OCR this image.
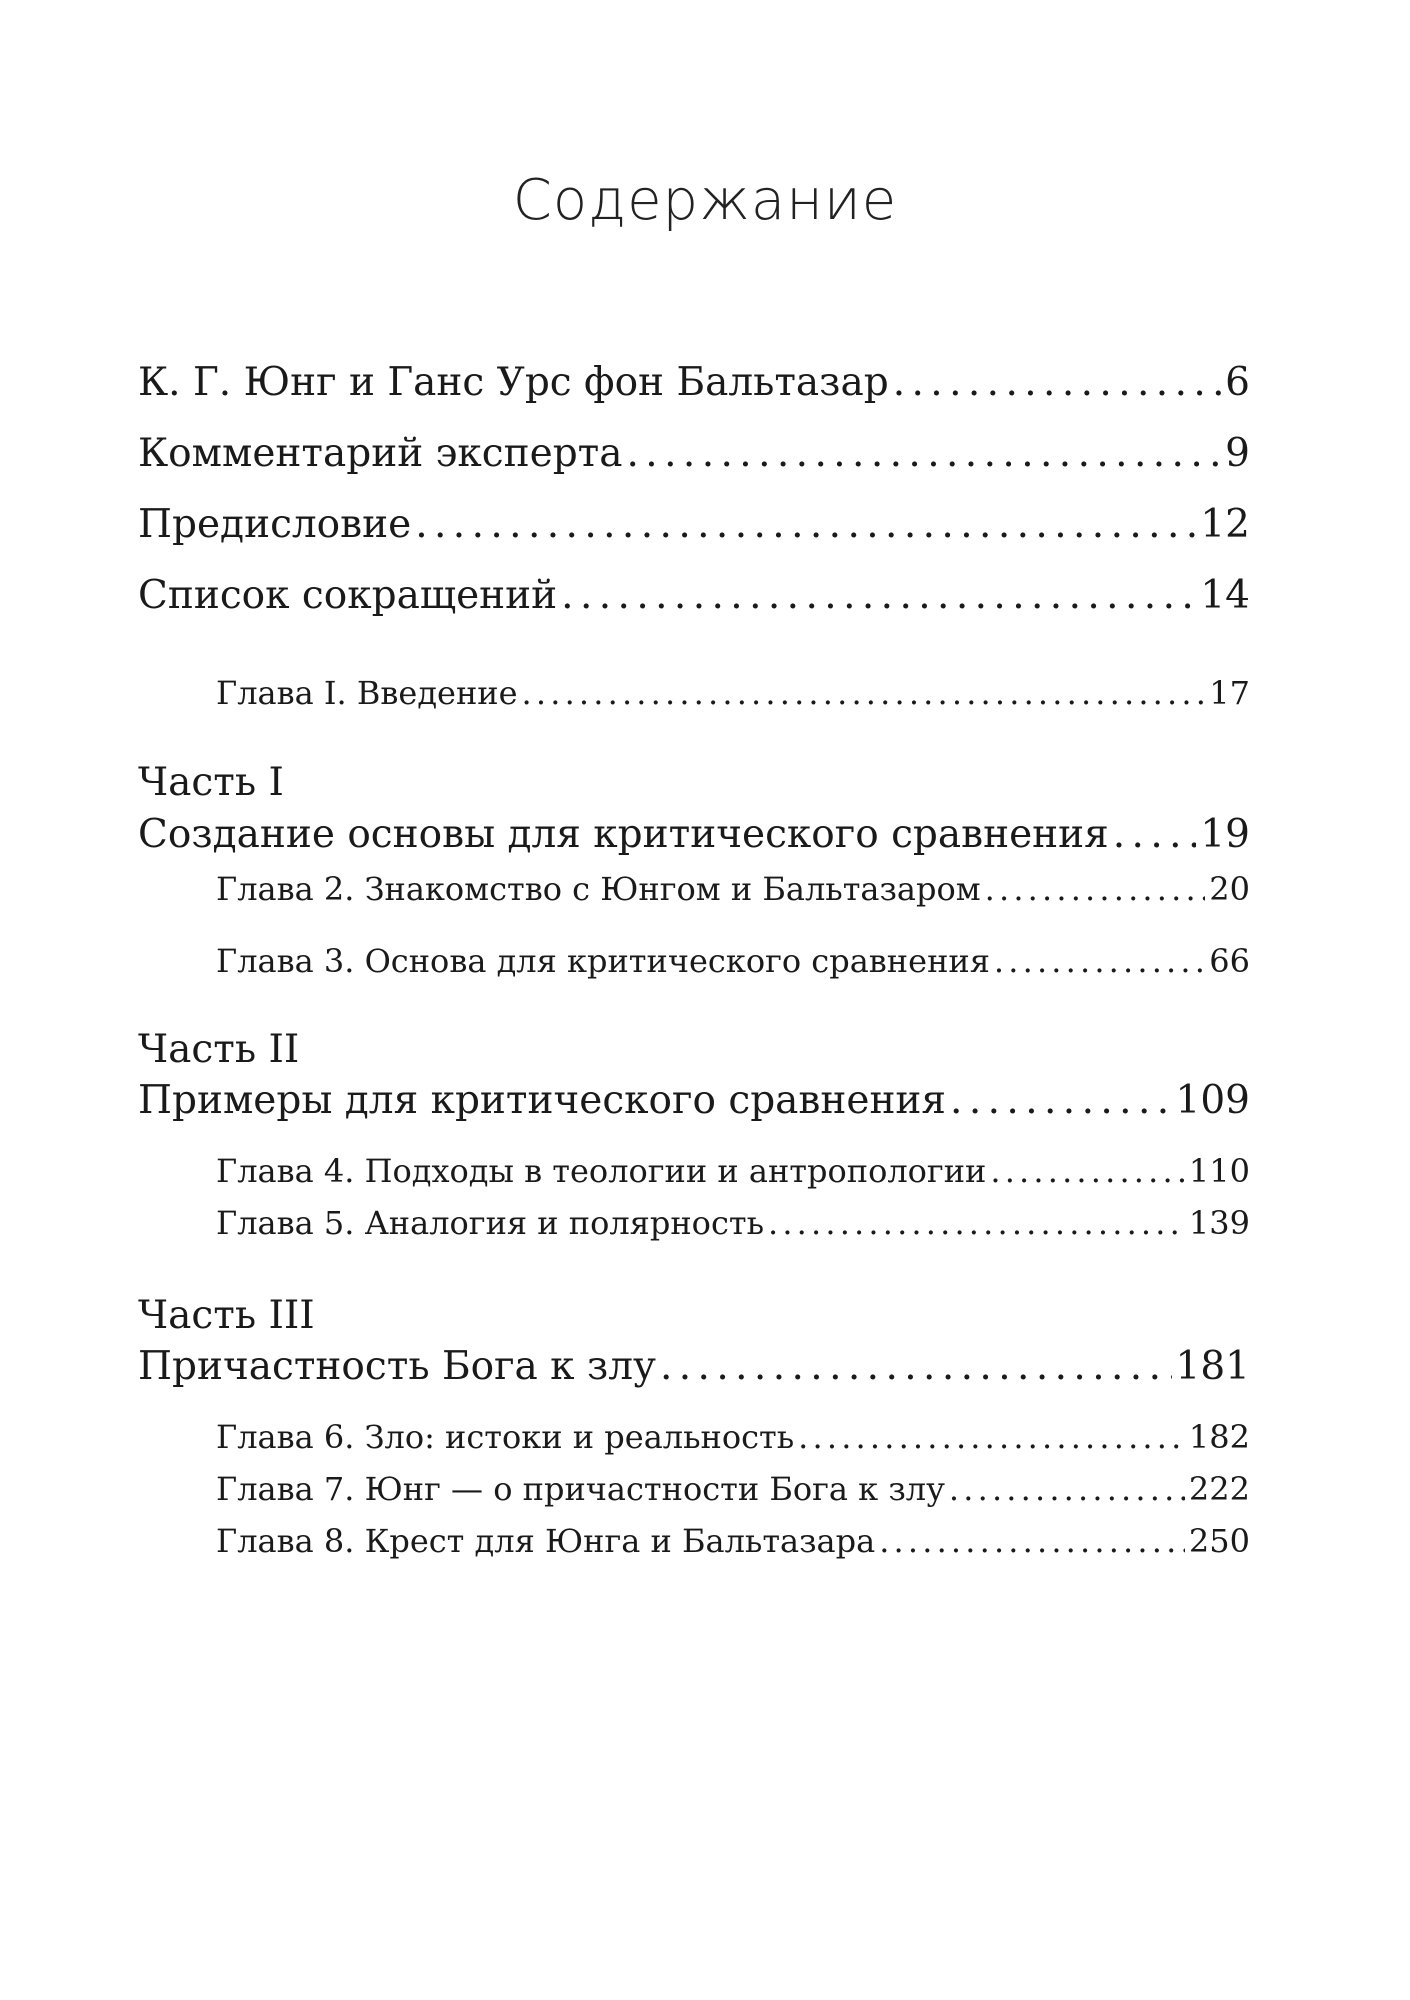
Содержание
К. Г. Юнг и Ганс Урс фон Бальтазар . . .	6
Комментарий эксперта . . .	9
Предисловие . . .	12
Список сокращений . . .	14
Глава I. Введение . . .	17
Часть I
Создание основы для критического сравнения . . . 19
Глава 2. Знакомство с Юнгом и Бальтазаром . . .	20
Глава 3. Основа для критического сравнения . . .	66
Часть II
Примеры для критического сравнения . . .	109
Глава 4. Подходы в теологии и антропологии . . .	110
Глава 5. Аналогия и полярность . . .	139
Часть III
Причастность Бога к злу . . .	181
Глава 6. Зло: истоки и реальность . . .	182
Глава 7. Юнг — о причастности Бога к злу . . .	222
Глава 8. Крест для Юнга и Бальтазара . . .	250
